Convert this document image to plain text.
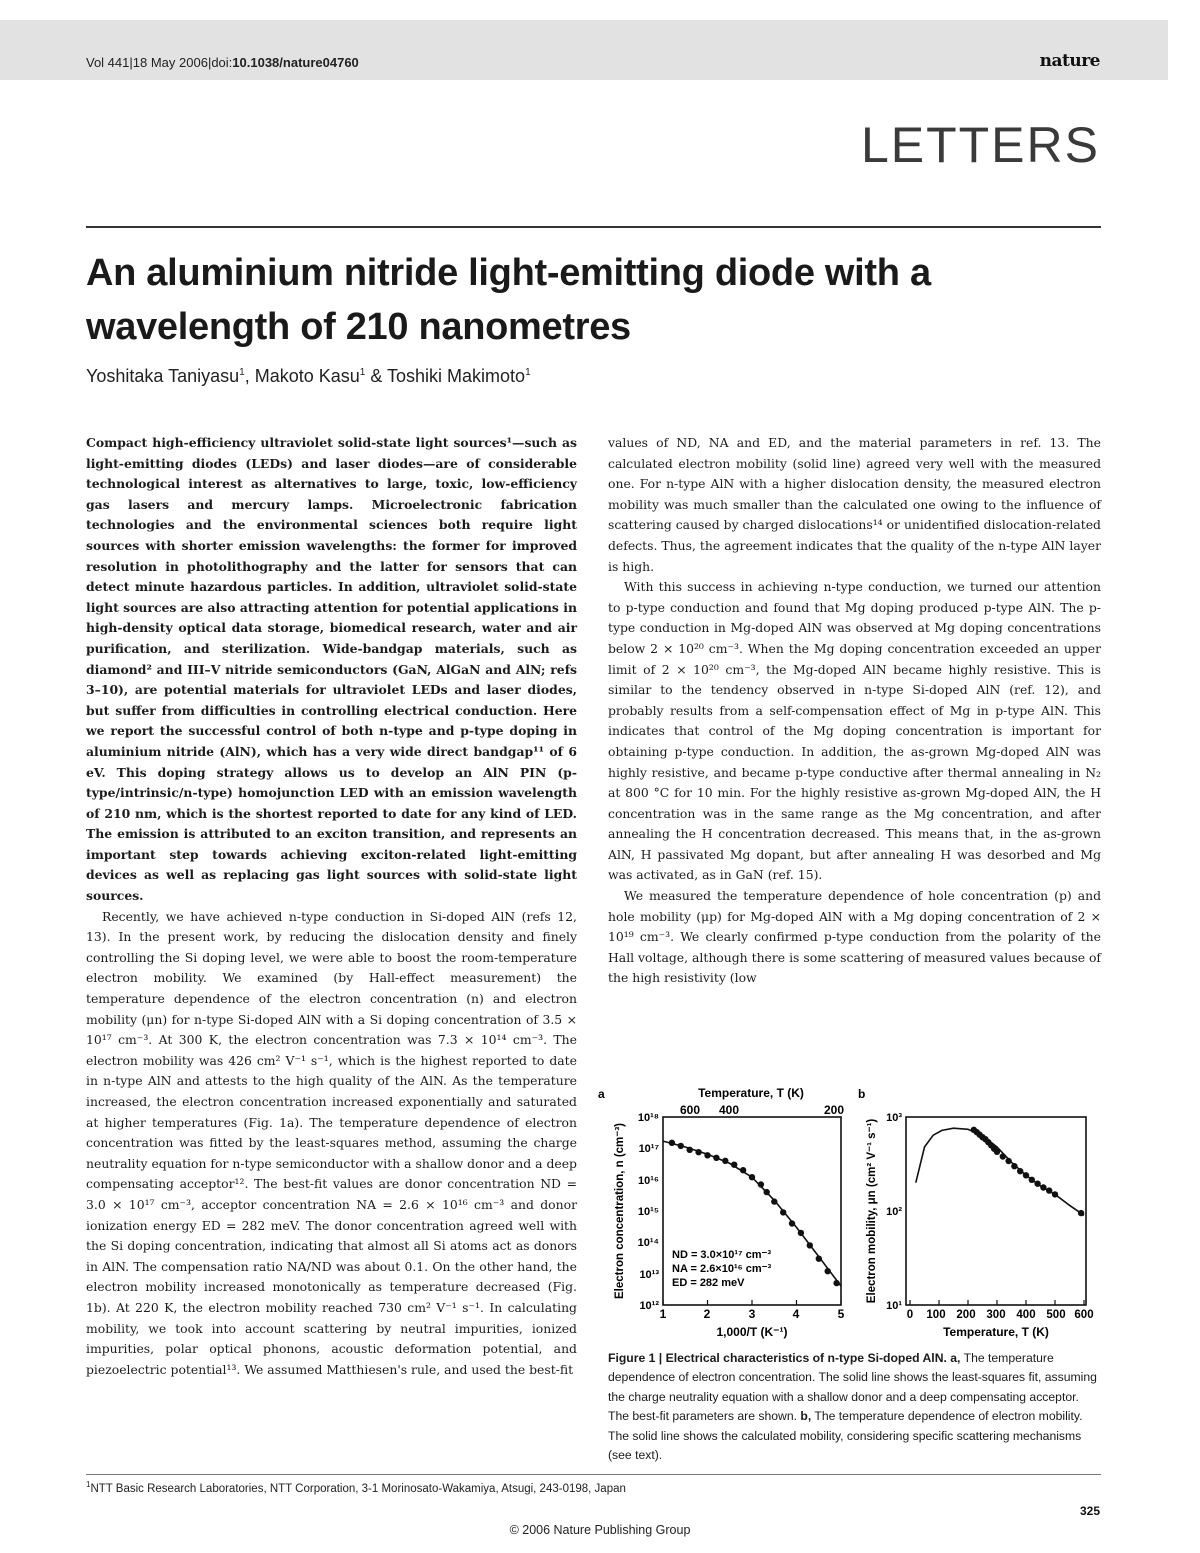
Vol 441|18 May 2006|doi:10.1038/nature04760	nature
LETTERS
An aluminium nitride light-emitting diode with a wavelength of 210 nanometres
Yoshitaka Taniyasu$^1$, Makoto Kasu$^1$ & Toshiki Makimoto$^1$

Compact high-efficiency ultraviolet solid-state light sources¹—such as light-emitting diodes (LEDs) and laser diodes—are of considerable technological interest as alternatives to large, toxic, low-efficiency gas lasers and mercury lamps. Microelectronic fabrication technologies and the environmental sciences both require light sources with shorter emission wavelengths: the former for improved resolution in photolithography and the latter for sensors that can detect minute hazardous particles. In addition, ultraviolet solid-state light sources are also attracting attention for potential applications in high-density optical data storage, biomedical research, water and air purification, and sterilization. Wide-bandgap materials, such as diamond² and III–V nitride semiconductors (GaN, AlGaN and AlN; refs 3–10), are potential materials for ultraviolet LEDs and laser diodes, but suffer from difficulties in controlling electrical conduction. Here we report the successful control of both n-type and p-type doping in aluminium nitride (AlN), which has a very wide direct bandgap¹¹ of 6 eV. This doping strategy allows us to develop an AlN PIN (p-type/intrinsic/n-type) homojunction LED with an emission wavelength of 210 nm, which is the shortest reported to date for any kind of LED. The emission is attributed to an exciton transition, and represents an important step towards achieving exciton-related light-emitting devices as well as replacing gas light sources with solid-state light sources.

Recently, we have achieved n-type conduction in Si-doped AlN (refs 12, 13). In the present work, by reducing the dislocation density and finely controlling the Si doping level, we were able to boost the room-temperature electron mobility. We examined (by Hall-effect measurement) the temperature dependence of the electron concentration (n) and electron mobility (μn) for n-type Si-doped AlN with a Si doping concentration of 3.5 × 10¹⁷ cm⁻³. At 300 K, the electron concentration was 7.3 × 10¹⁴ cm⁻³. The electron mobility was 426 cm² V⁻¹ s⁻¹, which is the highest reported to date in n-type AlN and attests to the high quality of the AlN. As the temperature increased, the electron concentration increased exponentially and saturated at higher temperatures (Fig. 1a). The temperature dependence of electron concentration was fitted by the least-squares method, assuming the charge neutrality equation for n-type semiconductor with a shallow donor and a deep compensating acceptor¹². The best-fit values are donor concentration ND = 3.0 × 10¹⁷ cm⁻³, acceptor concentration NA = 2.6 × 10¹⁶ cm⁻³ and donor ionization energy ED = 282 meV. The donor concentration agreed well with the Si doping concentration, indicating that almost all Si atoms act as donors in AlN. The compensation ratio NA/ND was about 0.1. On the other hand, the electron mobility increased monotonically as temperature decreased (Fig. 1b). At 220 K, the electron mobility reached 730 cm² V⁻¹ s⁻¹. In calculating mobility, we took into account scattering by neutral impurities, ionized impurities, polar optical phonons, acoustic deformation potential, and piezoelectric potential¹³. We assumed Matthiesen's rule, and used the best-fit

values of ND, NA and ED, and the material parameters in ref. 13. The calculated electron mobility (solid line) agreed very well with the measured one. For n-type AlN with a higher dislocation density, the measured electron mobility was much smaller than the calculated one owing to the influence of scattering caused by charged dislocations¹⁴ or unidentified dislocation-related defects. Thus, the agreement indicates that the quality of the n-type AlN layer is high.

With this success in achieving n-type conduction, we turned our attention to p-type conduction and found that Mg doping produced p-type AlN. The p-type conduction in Mg-doped AlN was observed at Mg doping concentrations below 2 × 10²⁰ cm⁻³. When the Mg doping concentration exceeded an upper limit of 2 × 10²⁰ cm⁻³, the Mg-doped AlN became highly resistive. This is similar to the tendency observed in n-type Si-doped AlN (ref. 12), and probably results from a self-compensation effect of Mg in p-type AlN. This indicates that control of the Mg doping concentration is important for obtaining p-type conduction. In addition, the as-grown Mg-doped AlN was highly resistive, and became p-type conductive after thermal annealing in N₂ at 800 °C for 10 min. For the highly resistive as-grown Mg-doped AlN, the H concentration was in the same range as the Mg concentration, and after annealing the H concentration decreased. This means that, in the as-grown AlN, H passivated Mg dopant, but after annealing H was desorbed and Mg was activated, as in GaN (ref. 15).

We measured the temperature dependence of hole concentration (p) and hole mobility (μp) for Mg-doped AlN with a Mg doping concentration of 2 × 10¹⁹ cm⁻³. We clearly confirmed p-type conduction from the polarity of the Hall voltage, although there is some scattering of measured values because of the high resistivity (low

a	Temperature, T (K)
600 400	200
10¹²
10¹³
10¹⁴
10¹⁵
10¹⁶
10¹⁷
10¹⁸
1	2	3	4	5
1,000/T (K⁻¹)
Electron concentration, n (cm⁻³)	ND = 3.0×10¹⁷ cm⁻³
NA = 2.6×10¹⁶ cm⁻³
ED = 282 meV
b
10¹
10²
10³
0 100 200 300 400 500 600
Temperature, T (K)
Electron mobility, μn (cm² V⁻¹ s⁻¹)

Figure 1 | Electrical characteristics of n-type Si-doped AlN. a, The temperature dependence of electron concentration. The solid line shows the least-squares fit, assuming the charge neutrality equation with a shallow donor and a deep compensating acceptor. The best-fit parameters are shown. b, The temperature dependence of electron mobility. The solid line shows the calculated mobility, considering specific scattering mechanisms (see text).

$^1$NTT Basic Research Laboratories, NTT Corporation, 3-1 Morinosato-Wakamiya, Atsugi, 243-0198, Japan
325
© 2006 Nature Publishing Group
